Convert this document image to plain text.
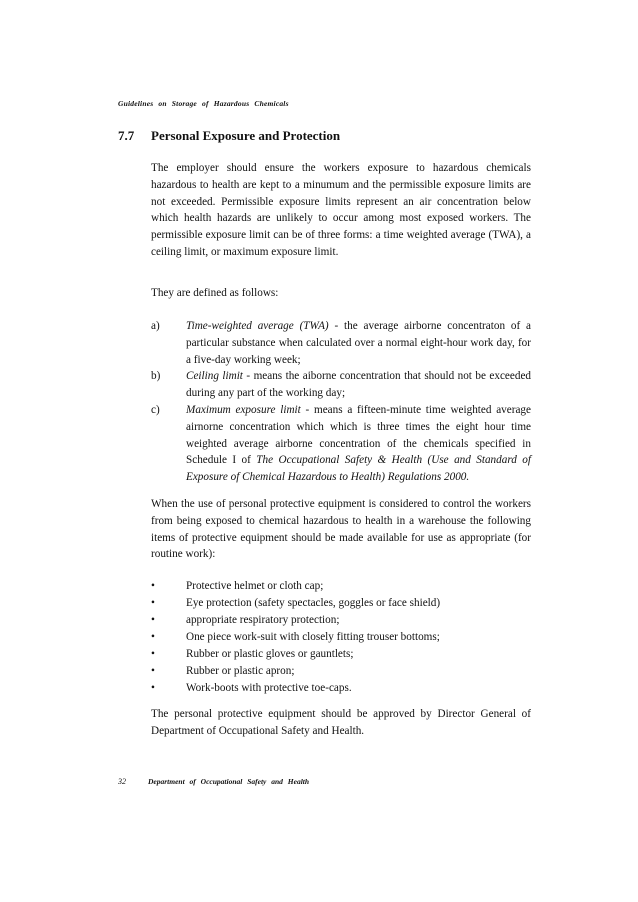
Guidelines on Storage of Hazardous Chemicals
7.7 Personal Exposure and Protection
The employer should ensure the workers exposure to hazardous chemicals hazardous to health are kept to a minumum and the permissible exposure limits are not exceeded. Permissible exposure limits represent an air concentration below which health hazards are unlikely to occur among most exposed workers. The permissible exposure limit can be of three forms: a time weighted average (TWA), a ceiling limit, or maximum exposure limit.
They are defined as follows:
a) Time-weighted average (TWA) - the average airborne concentraton of a particular substance when calculated over a normal eight-hour work day, for a five-day working week;
b) Ceiling limit - means the aiborne concentration that should not be exceeded during any part of the working day;
c) Maximum exposure limit - means a fifteen-minute time weighted average airnorne concentration which which is three times the eight hour time weighted average airborne concentration of the chemicals specified in Schedule I of The Occupational Safety & Health (Use and Standard of Exposure of Chemical Hazardous to Health) Regulations 2000.
When the use of personal protective equipment is considered to control the workers from being exposed to chemical hazardous to health in a warehouse the following items of protective equipment should be made available for use as appropriate (for routine work):
•	Protective helmet or cloth cap;
•	Eye protection (safety spectacles, goggles or face shield)
•	appropriate respiratory protection;
•	One piece work-suit with closely fitting trouser bottoms;
•	Rubber or plastic gloves or gauntlets;
•	Rubber or plastic apron;
•	Work-boots with protective toe-caps.
The personal protective equipment should be approved by Director General of Department of Occupational Safety and Health.
32	Department of Occupational Safety and Health
